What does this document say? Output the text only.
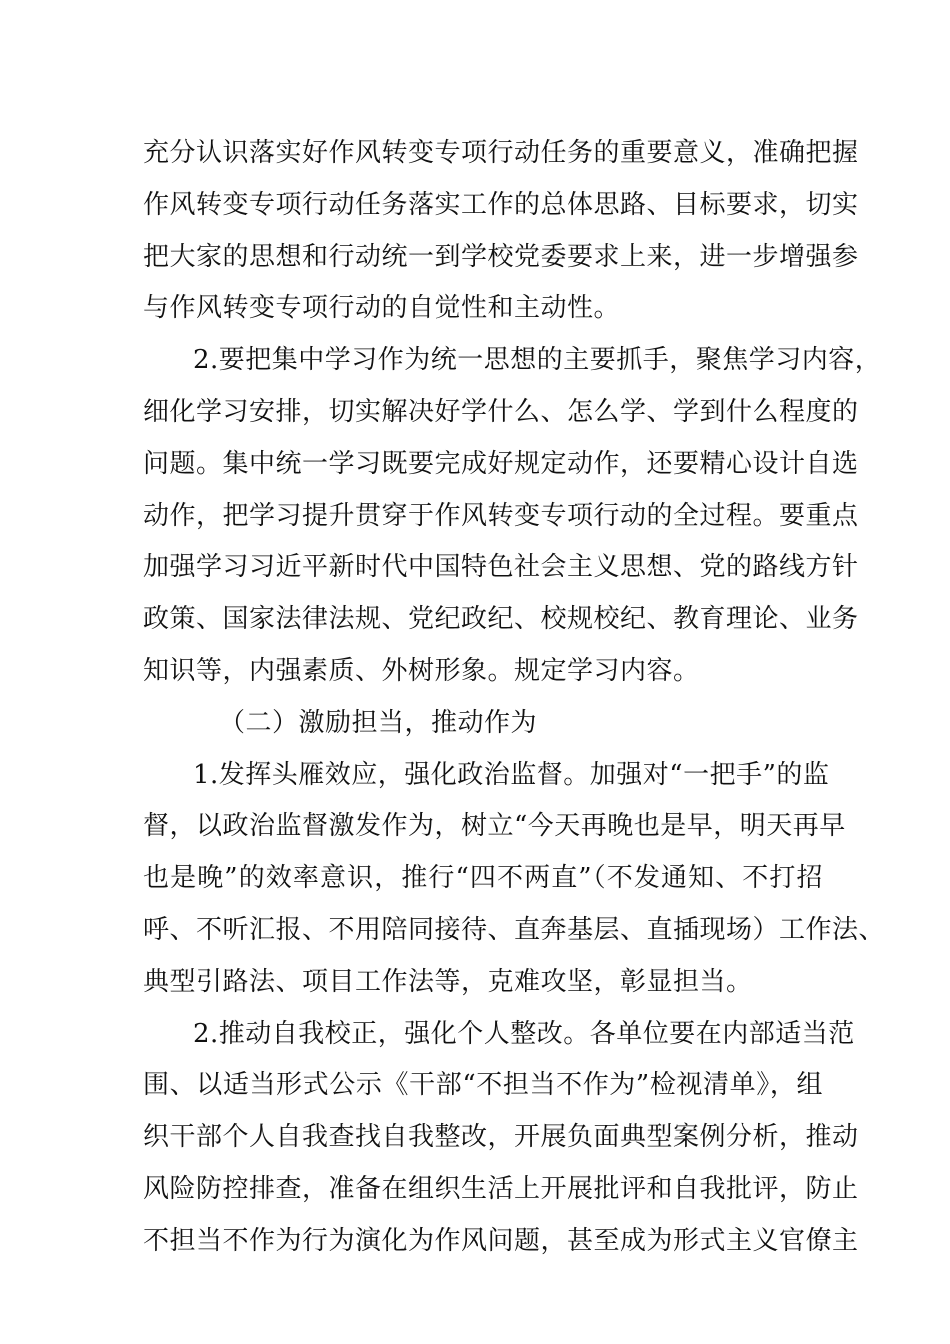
充分认识落实好作风转变专项行动任务的重要意义，准确把握
作风转变专项行动任务落实工作的总体思路、目标要求，切实
把大家的思想和行动统一到学校党委要求上来，进一步增强参
与作风转变专项行动的自觉性和主动性。
2.要把集中学习作为统一思想的主要抓手，聚焦学习内容，
细化学习安排，切实解决好学什么、怎么学、学到什么程度的
问题。集中统一学习既要完成好规定动作，还要精心设计自选
动作，把学习提升贯穿于作风转变专项行动的全过程。要重点
加强学习习近平新时代中国特色社会主义思想、党的路线方针
政策、国家法律法规、党纪政纪、校规校纪、教育理论、业务
知识等，内强素质、外树形象。规定学习内容。
（二）激励担当，推动作为
1.发挥头雁效应，强化政治监督。加强对“一把手”的监
督，以政治监督激发作为，树立“今天再晚也是早，明天再早
也是晚”的效率意识，推行“四不两直”（不发通知、不打招
呼、不听汇报、不用陪同接待、直奔基层、直插现场）工作法、
典型引路法、项目工作法等，克难攻坚，彰显担当。
2.推动自我校正，强化个人整改。各单位要在内部适当范
围、以适当形式公示《干部“不担当不作为”检视清单》，组
织干部个人自我查找自我整改，开展负面典型案例分析，推动
风险防控排查，准备在组织生活上开展批评和自我批评，防止
不担当不作为行为演化为作风问题，甚至成为形式主义官僚主
